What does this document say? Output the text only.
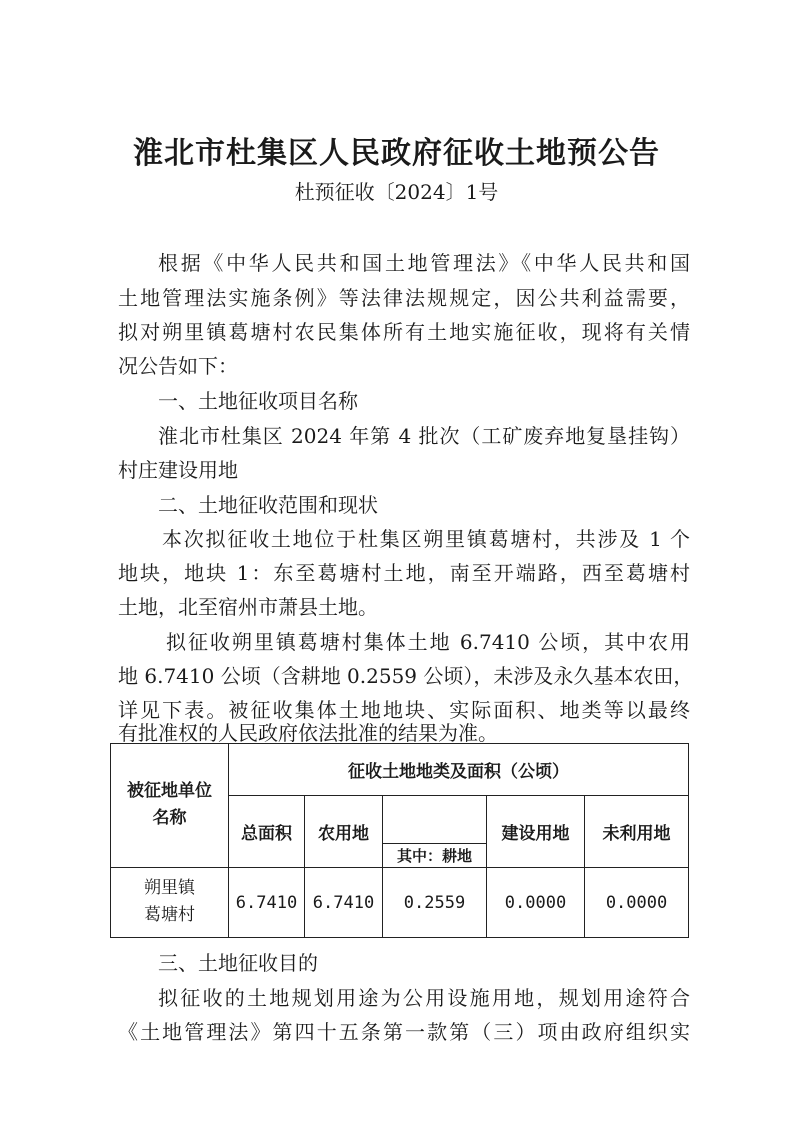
淮北市杜集区人民政府征收土地预公告
杜预征收〔2024〕1号
根据《中华人民共和国土地管理法》《中华人民共和国
土地管理法实施条例》等法律法规规定，因公共利益需要，
拟对朔里镇葛塘村农民集体所有土地实施征收，现将有关情
况公告如下：
一、土地征收项目名称
淮北市杜集区 2024 年第 4 批次（工矿废弃地复垦挂钩）
村庄建设用地
二、土地征收范围和现状
本次拟征收土地位于杜集区朔里镇葛塘村，共涉及 1 个
地块，地块 1：东至葛塘村土地，南至开端路，西至葛塘村
土地，北至宿州市萧县土地。
拟征收朔里镇葛塘村集体土地 6.7410 公顷，其中农用
地 6.7410 公顷（含耕地 0.2559 公顷），未涉及永久基本农田，
详见下表。被征收集体土地地块、实际面积、地类等以最终
有批准权的人民政府依法批准的结果为准。
被征地单位
名称	征收土地地类及面积（公顷）				
	总面积	农用地		建设用地	未利用地
			其中：耕地		

朔里镇
葛塘村	6.7410	6.7410	0.2559	0.0000	0.0000
三、土地征收目的
拟征收的土地规划用途为公用设施用地，规划用途符合
《土地管理法》第四十五条第一款第（三）项由政府组织实
